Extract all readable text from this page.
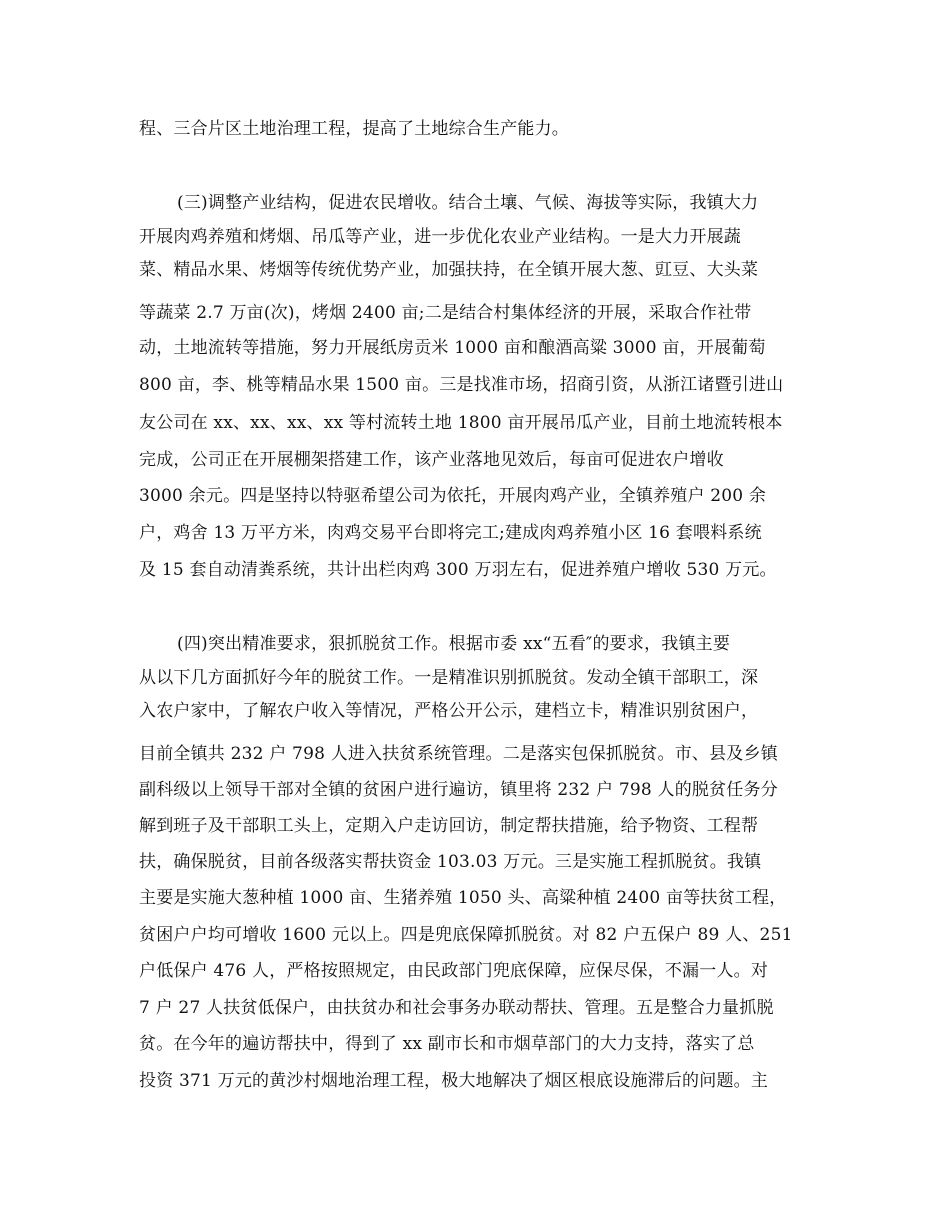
程、三合片区土地治理工程，提高了土地综合生产能力。
(三)调整产业结构，促进农民增收。结合土壤、气候、海拔等实际，我镇大力
开展肉鸡养殖和烤烟、吊瓜等产业，进一步优化农业产业结构。一是大力开展蔬
菜、精品水果、烤烟等传统优势产业，加强扶持，在全镇开展大葱、豇豆、大头菜
等蔬菜 2.7 万亩(次)，烤烟 2400 亩;二是结合村集体经济的开展，采取合作社带
动，土地流转等措施，努力开展纸房贡米 1000 亩和酿酒高粱 3000 亩，开展葡萄
800 亩，李、桃等精品水果 1500 亩。三是找准市场，招商引资，从浙江诸暨引进山
友公司在 xx、xx、xx、xx 等村流转土地 1800 亩开展吊瓜产业，目前土地流转根本
完成，公司正在开展棚架搭建工作，该产业落地见效后，每亩可促进农户增收
3000 余元。四是坚持以特驱希望公司为依托，开展肉鸡产业，全镇养殖户 200 余
户，鸡舍 13 万平方米，肉鸡交易平台即将完工;建成肉鸡养殖小区 16 套喂料系统
及 15 套自动清粪系统，共计出栏肉鸡 300 万羽左右，促进养殖户增收 530 万元。
(四)突出精准要求，狠抓脱贫工作。根据市委 xx“五看″的要求，我镇主要
从以下几方面抓好今年的脱贫工作。一是精准识别抓脱贫。发动全镇干部职工，深
入农户家中，了解农户收入等情况，严格公开公示，建档立卡，精准识别贫困户，
目前全镇共 232 户 798 人进入扶贫系统管理。二是落实包保抓脱贫。市、县及乡镇
副科级以上领导干部对全镇的贫困户进行遍访，镇里将 232 户 798 人的脱贫任务分
解到班子及干部职工头上，定期入户走访回访，制定帮扶措施，给予物资、工程帮
扶，确保脱贫，目前各级落实帮扶资金 103.03 万元。三是实施工程抓脱贫。我镇
主要是实施大葱种植 1000 亩、生猪养殖 1050 头、高粱种植 2400 亩等扶贫工程，
贫困户户均可增收 1600 元以上。四是兜底保障抓脱贫。对 82 户五保户 89 人、251
户低保户 476 人，严格按照规定，由民政部门兜底保障，应保尽保，不漏一人。对
7 户 27 人扶贫低保户，由扶贫办和社会事务办联动帮扶、管理。五是整合力量抓脱
贫。在今年的遍访帮扶中，得到了 xx 副市长和市烟草部门的大力支持，落实了总
投资 371 万元的黄沙村烟地治理工程，极大地解决了烟区根底设施滞后的问题。主
